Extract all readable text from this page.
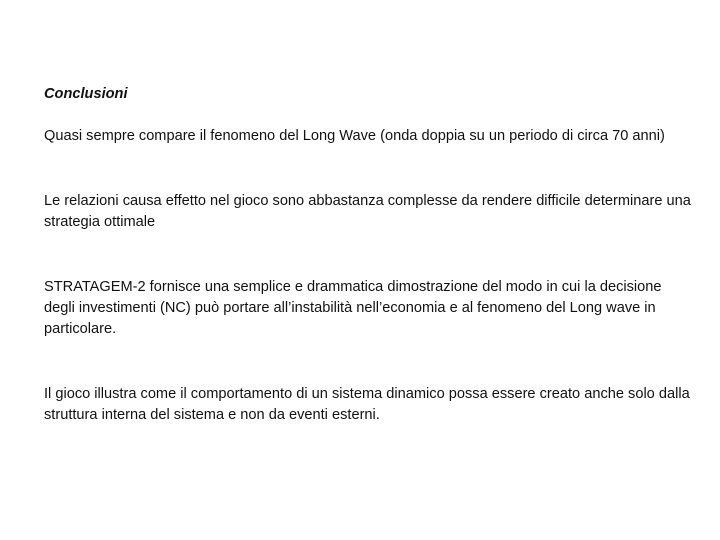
Conclusioni

Quasi sempre compare il fenomeno del Long Wave (onda doppia su un periodo di circa 70 anni)

Le relazioni causa effetto nel gioco sono abbastanza complesse da rendere difficile determinare una strategia ottimale

STRATAGEM-2 fornisce una semplice e drammatica dimostrazione del modo in cui la decisione degli investimenti (NC) può portare all’instabilità nell’economia e al fenomeno del Long wave in particolare.

Il gioco illustra come il comportamento di un sistema dinamico possa essere creato anche solo dalla struttura interna del sistema e non da eventi esterni.
